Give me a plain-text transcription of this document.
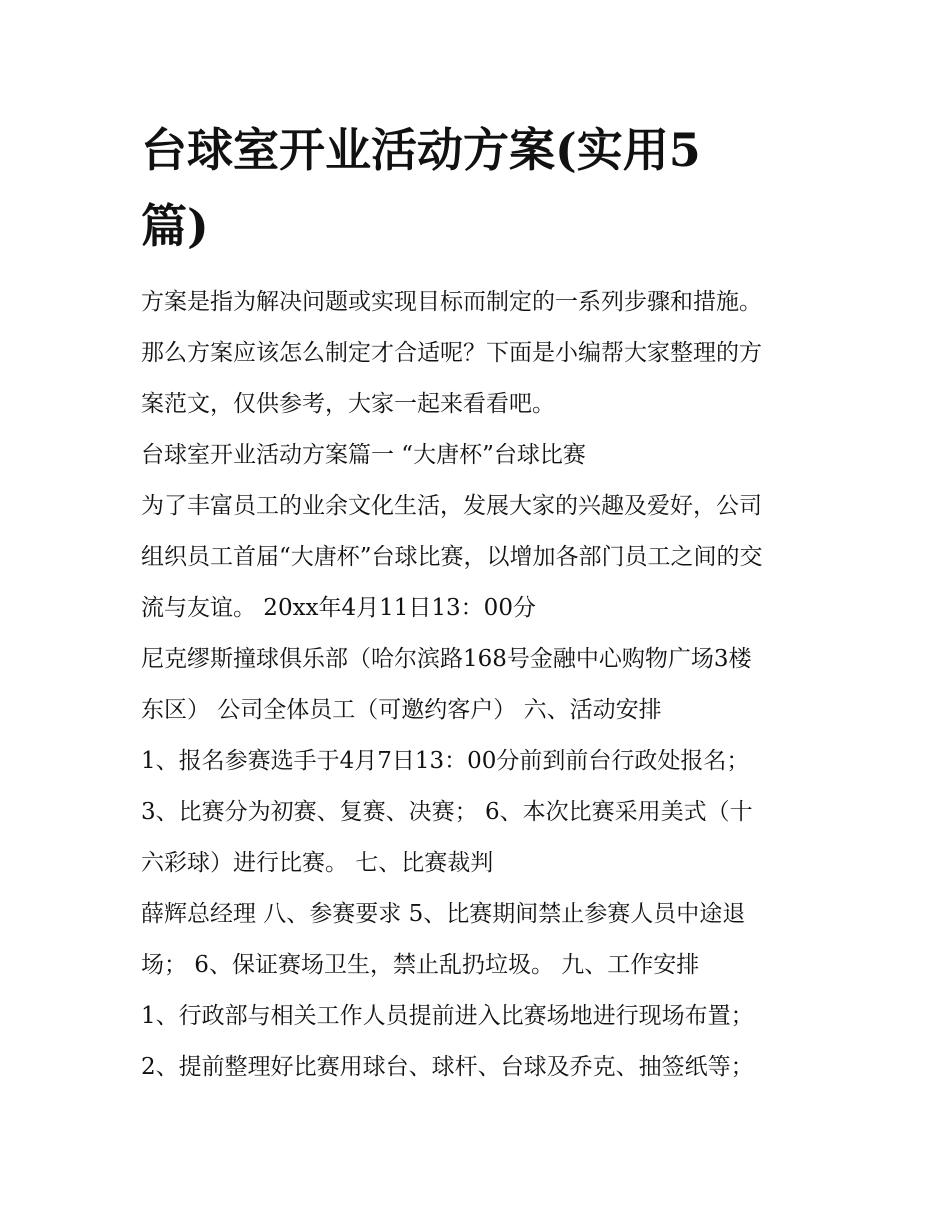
台球室开业活动方案(实用5
篇)

方案是指为解决问题或实现目标而制定的一系列步骤和措施。

那么方案应该怎么制定才合适呢？下面是小编帮大家整理的方

案范文，仅供参考，大家一起来看看吧。

台球室开业活动方案篇一 “大唐杯”台球比赛

为了丰富员工的业余文化生活，发展大家的兴趣及爱好，公司

组织员工首届“大唐杯”台球比赛，以增加各部门员工之间的交

流与友谊。 20xx年4月11日13：00分

尼克缪斯撞球俱乐部（哈尔滨路168号金融中心购物广场3楼

东区） 公司全体员工（可邀约客户） 六、活动安排

1、报名参赛选手于4月7日13：00分前到前台行政处报名；

3、比赛分为初赛、复赛、决赛； 6、本次比赛采用美式（十

六彩球）进行比赛。 七、比赛裁判

薛辉总经理 八、参赛要求 5、比赛期间禁止参赛人员中途退

场； 6、保证赛场卫生，禁止乱扔垃圾。 九、工作安排

1、行政部与相关工作人员提前进入比赛场地进行现场布置；

2、提前整理好比赛用球台、球杆、台球及乔克、抽签纸等；
